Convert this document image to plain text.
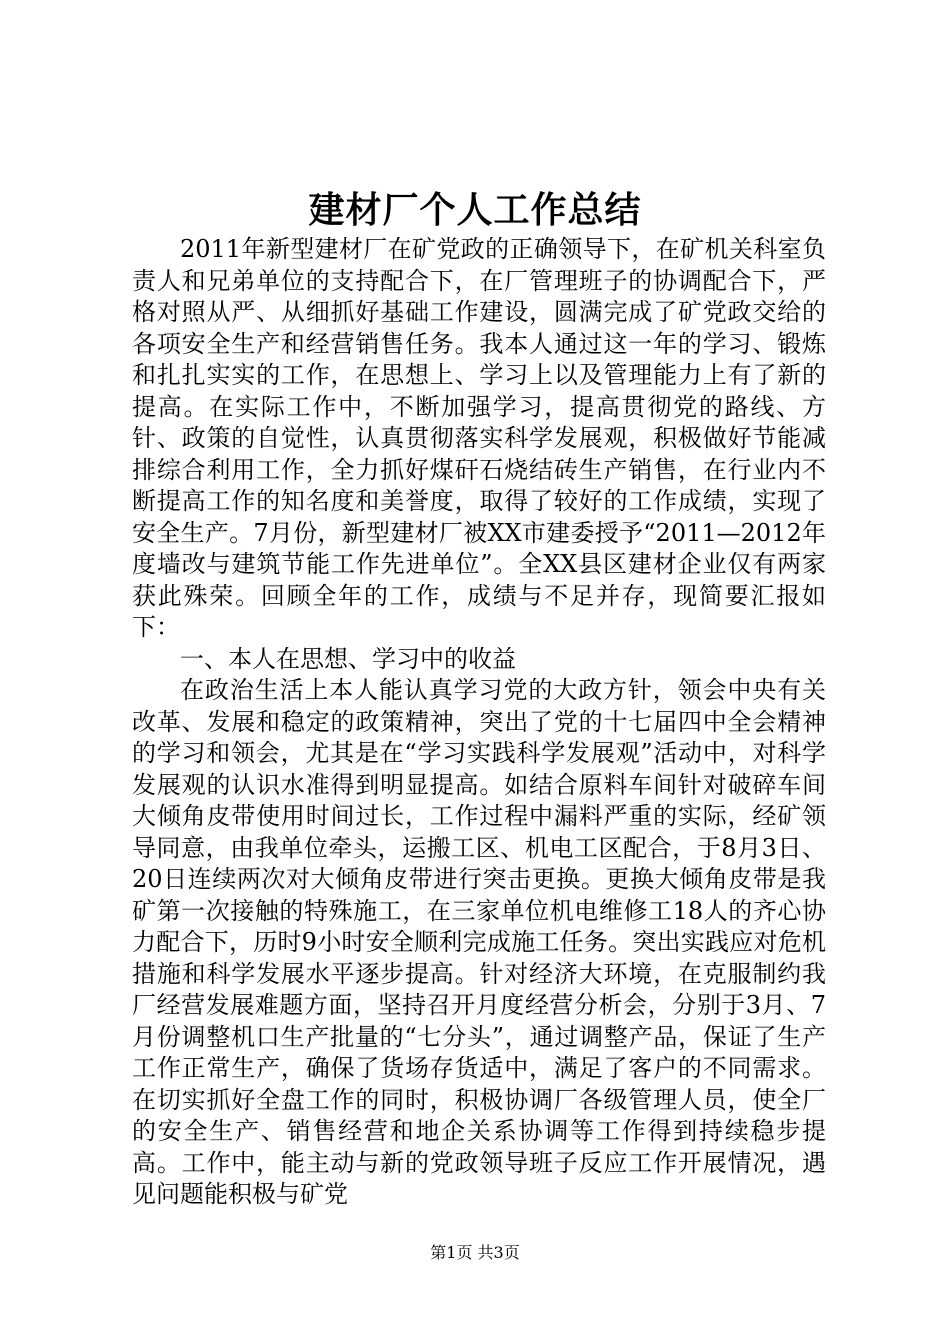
建材厂个人工作总结

2011年新型建材厂在矿党政的正确领导下，在矿机关科室负责人和兄弟单位的支持配合下，在厂管理班子的协调配合下，严格对照从严、从细抓好基础工作建设，圆满完成了矿党政交给的各项安全生产和经营销售任务。我本人通过这一年的学习、锻炼和扎扎实实的工作，在思想上、学习上以及管理能力上有了新的提高。在实际工作中，不断加强学习，提高贯彻党的路线、方针、政策的自觉性，认真贯彻落实科学发展观，积极做好节能减排综合利用工作，全力抓好煤矸石烧结砖生产销售，在行业内不断提高工作的知名度和美誉度，取得了较好的工作成绩，实现了安全生产。7月份，新型建材厂被XX市建委授予“2011—2012年度墙改与建筑节能工作先进单位”。全XX县区建材企业仅有两家获此殊荣。回顾全年的工作，成绩与不足并存，现简要汇报如下：

一、本人在思想、学习中的收益

在政治生活上本人能认真学习党的大政方针，领会中央有关改革、发展和稳定的政策精神，突出了党的十七届四中全会精神的学习和领会，尤其是在“学习实践科学发展观”活动中，对科学发展观的认识水准得到明显提高。如结合原料车间针对破碎车间大倾角皮带使用时间过长，工作过程中漏料严重的实际，经矿领导同意，由我单位牵头，运搬工区、机电工区配合，于8月3日、20日连续两次对大倾角皮带进行突击更换。更换大倾角皮带是我矿第一次接触的特殊施工，在三家单位机电维修工18人的齐心协力配合下，历时9小时安全顺利完成施工任务。突出实践应对危机措施和科学发展水平逐步提高。针对经济大环境，在克服制约我厂经营发展难题方面，坚持召开月度经营分析会，分别于3月、7月份调整机口生产批量的“七分头”，通过调整产品，保证了生产工作正常生产，确保了货场存货适中，满足了客户的不同需求。在切实抓好全盘工作的同时，积极协调厂各级管理人员，使全厂的安全生产、销售经营和地企关系协调等工作得到持续稳步提高。工作中，能主动与新的党政领导班子反应工作开展情况，遇见问题能积极与矿党

第1页 共3页
